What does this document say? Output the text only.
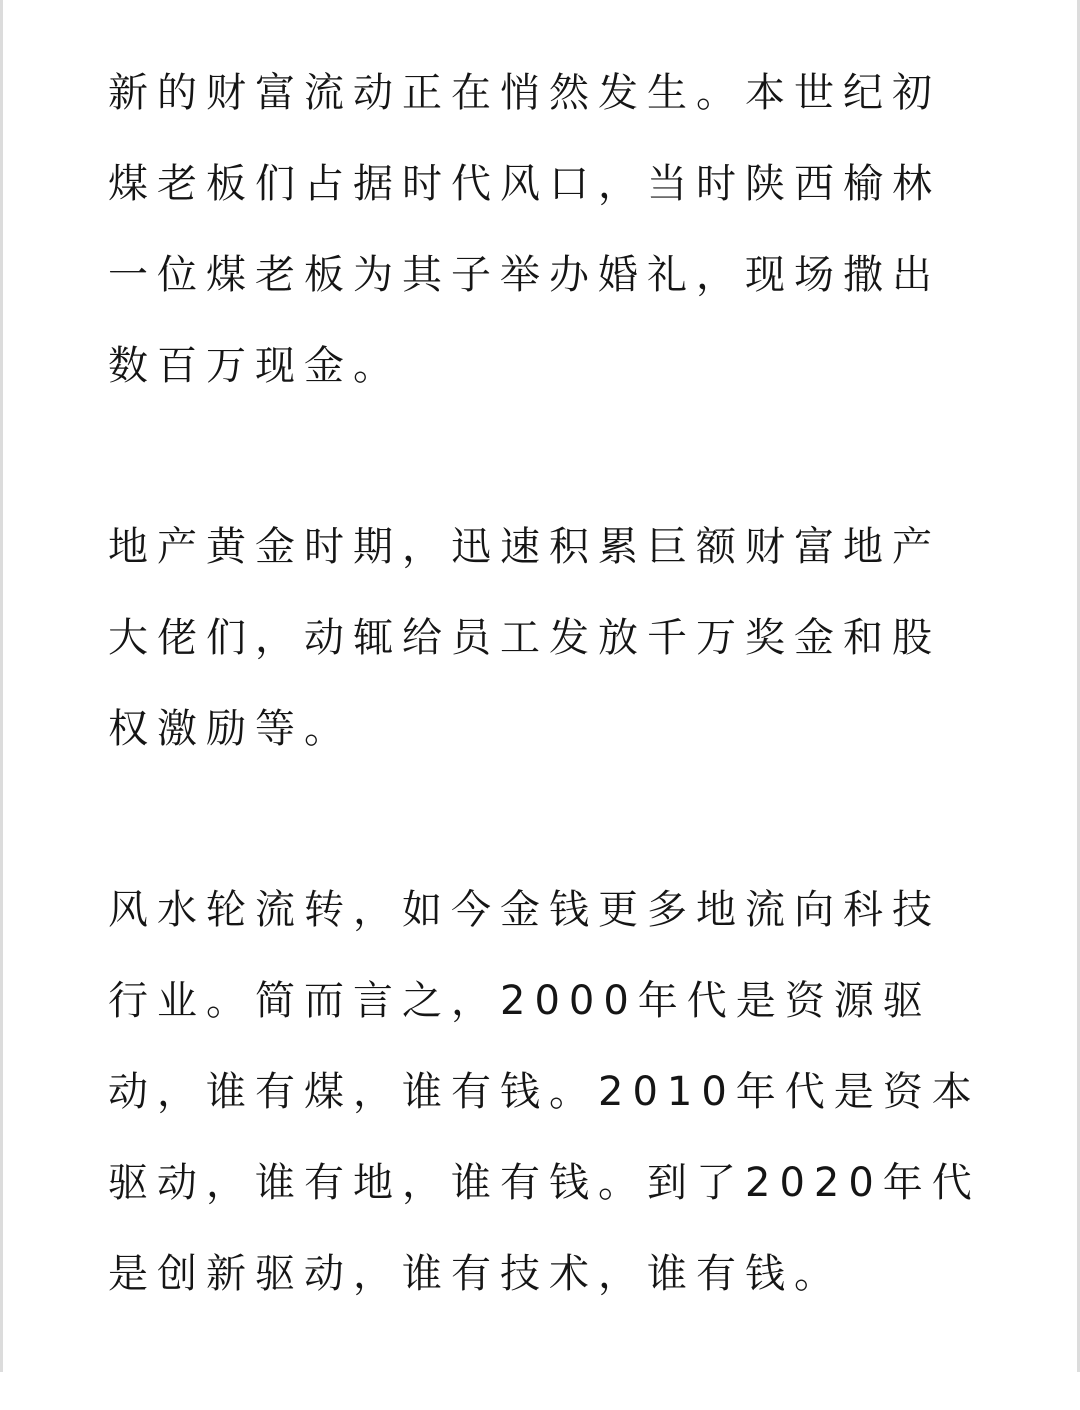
新的财富流动正在悄然发生。本世纪初
煤老板们占据时代风口，当时陕西榆林
一位煤老板为其子举办婚礼，现场撒出
数百万现金。
地产黄金时期，迅速积累巨额财富地产
大佬们，动辄给员工发放千万奖金和股
权激励等。
风水轮流转，如今金钱更多地流向科技
行业。简而言之，2000年代是资源驱
动，谁有煤，谁有钱。2010年代是资本
驱动，谁有地，谁有钱。到了2020年代
是创新驱动，谁有技术，谁有钱。
